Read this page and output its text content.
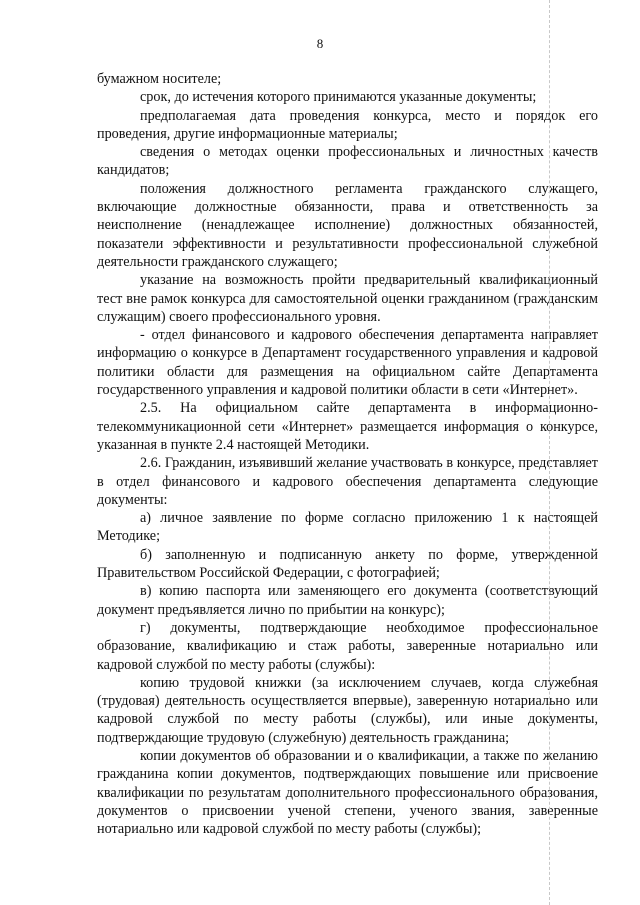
8

бумажном носителе;

срок, до истечения которого принимаются указанные документы;

предполагаемая дата проведения конкурса, место и порядок его проведения, другие информационные материалы;

сведения о методах оценки профессиональных и личностных качеств кандидатов;

положения должностного регламента гражданского служащего, включающие должностные обязанности, права и ответственность за неисполнение (ненадлежащее исполнение) должностных обязанностей, показатели эффективности и результативности профессиональной служебной деятельности гражданского служащего;

указание на возможность пройти предварительный квалификационный тест вне рамок конкурса для самостоятельной оценки гражданином (гражданским служащим) своего профессионального уровня.

- отдел финансового и кадрового обеспечения департамента направляет информацию о конкурсе в Департамент государственного управления и кадровой политики области для размещения на официальном сайте Департамента государственного управления и кадровой политики области в сети «Интернет».

2.5. На официальном сайте департамента в информационно-телекоммуникационной сети «Интернет» размещается информация о конкурсе, указанная в пункте 2.4 настоящей Методики.

2.6. Гражданин, изъявивший желание участвовать в конкурсе, представляет в отдел финансового и кадрового обеспечения департамента следующие документы:

а) личное заявление по форме согласно приложению 1 к настоящей Методике;

б) заполненную и подписанную анкету по форме, утвержденной Правительством Российской Федерации, с фотографией;

в) копию паспорта или заменяющего его документа (соответствующий документ предъявляется лично по прибытии на конкурс);

г) документы, подтверждающие необходимое профессиональное образование, квалификацию и стаж работы, заверенные нотариально или кадровой службой по месту работы (службы):

копию трудовой книжки (за исключением случаев, когда служебная (трудовая) деятельность осуществляется впервые), заверенную нотариально или кадровой службой по месту работы (службы), или иные документы, подтверждающие трудовую (служебную) деятельность гражданина;

копии документов об образовании и о квалификации, а также по желанию гражданина копии документов, подтверждающих повышение или присвоение квалификации по результатам дополнительного профессионального образования, документов о присвоении ученой степени, ученого звания, заверенные нотариально или кадровой службой по месту работы (службы);
